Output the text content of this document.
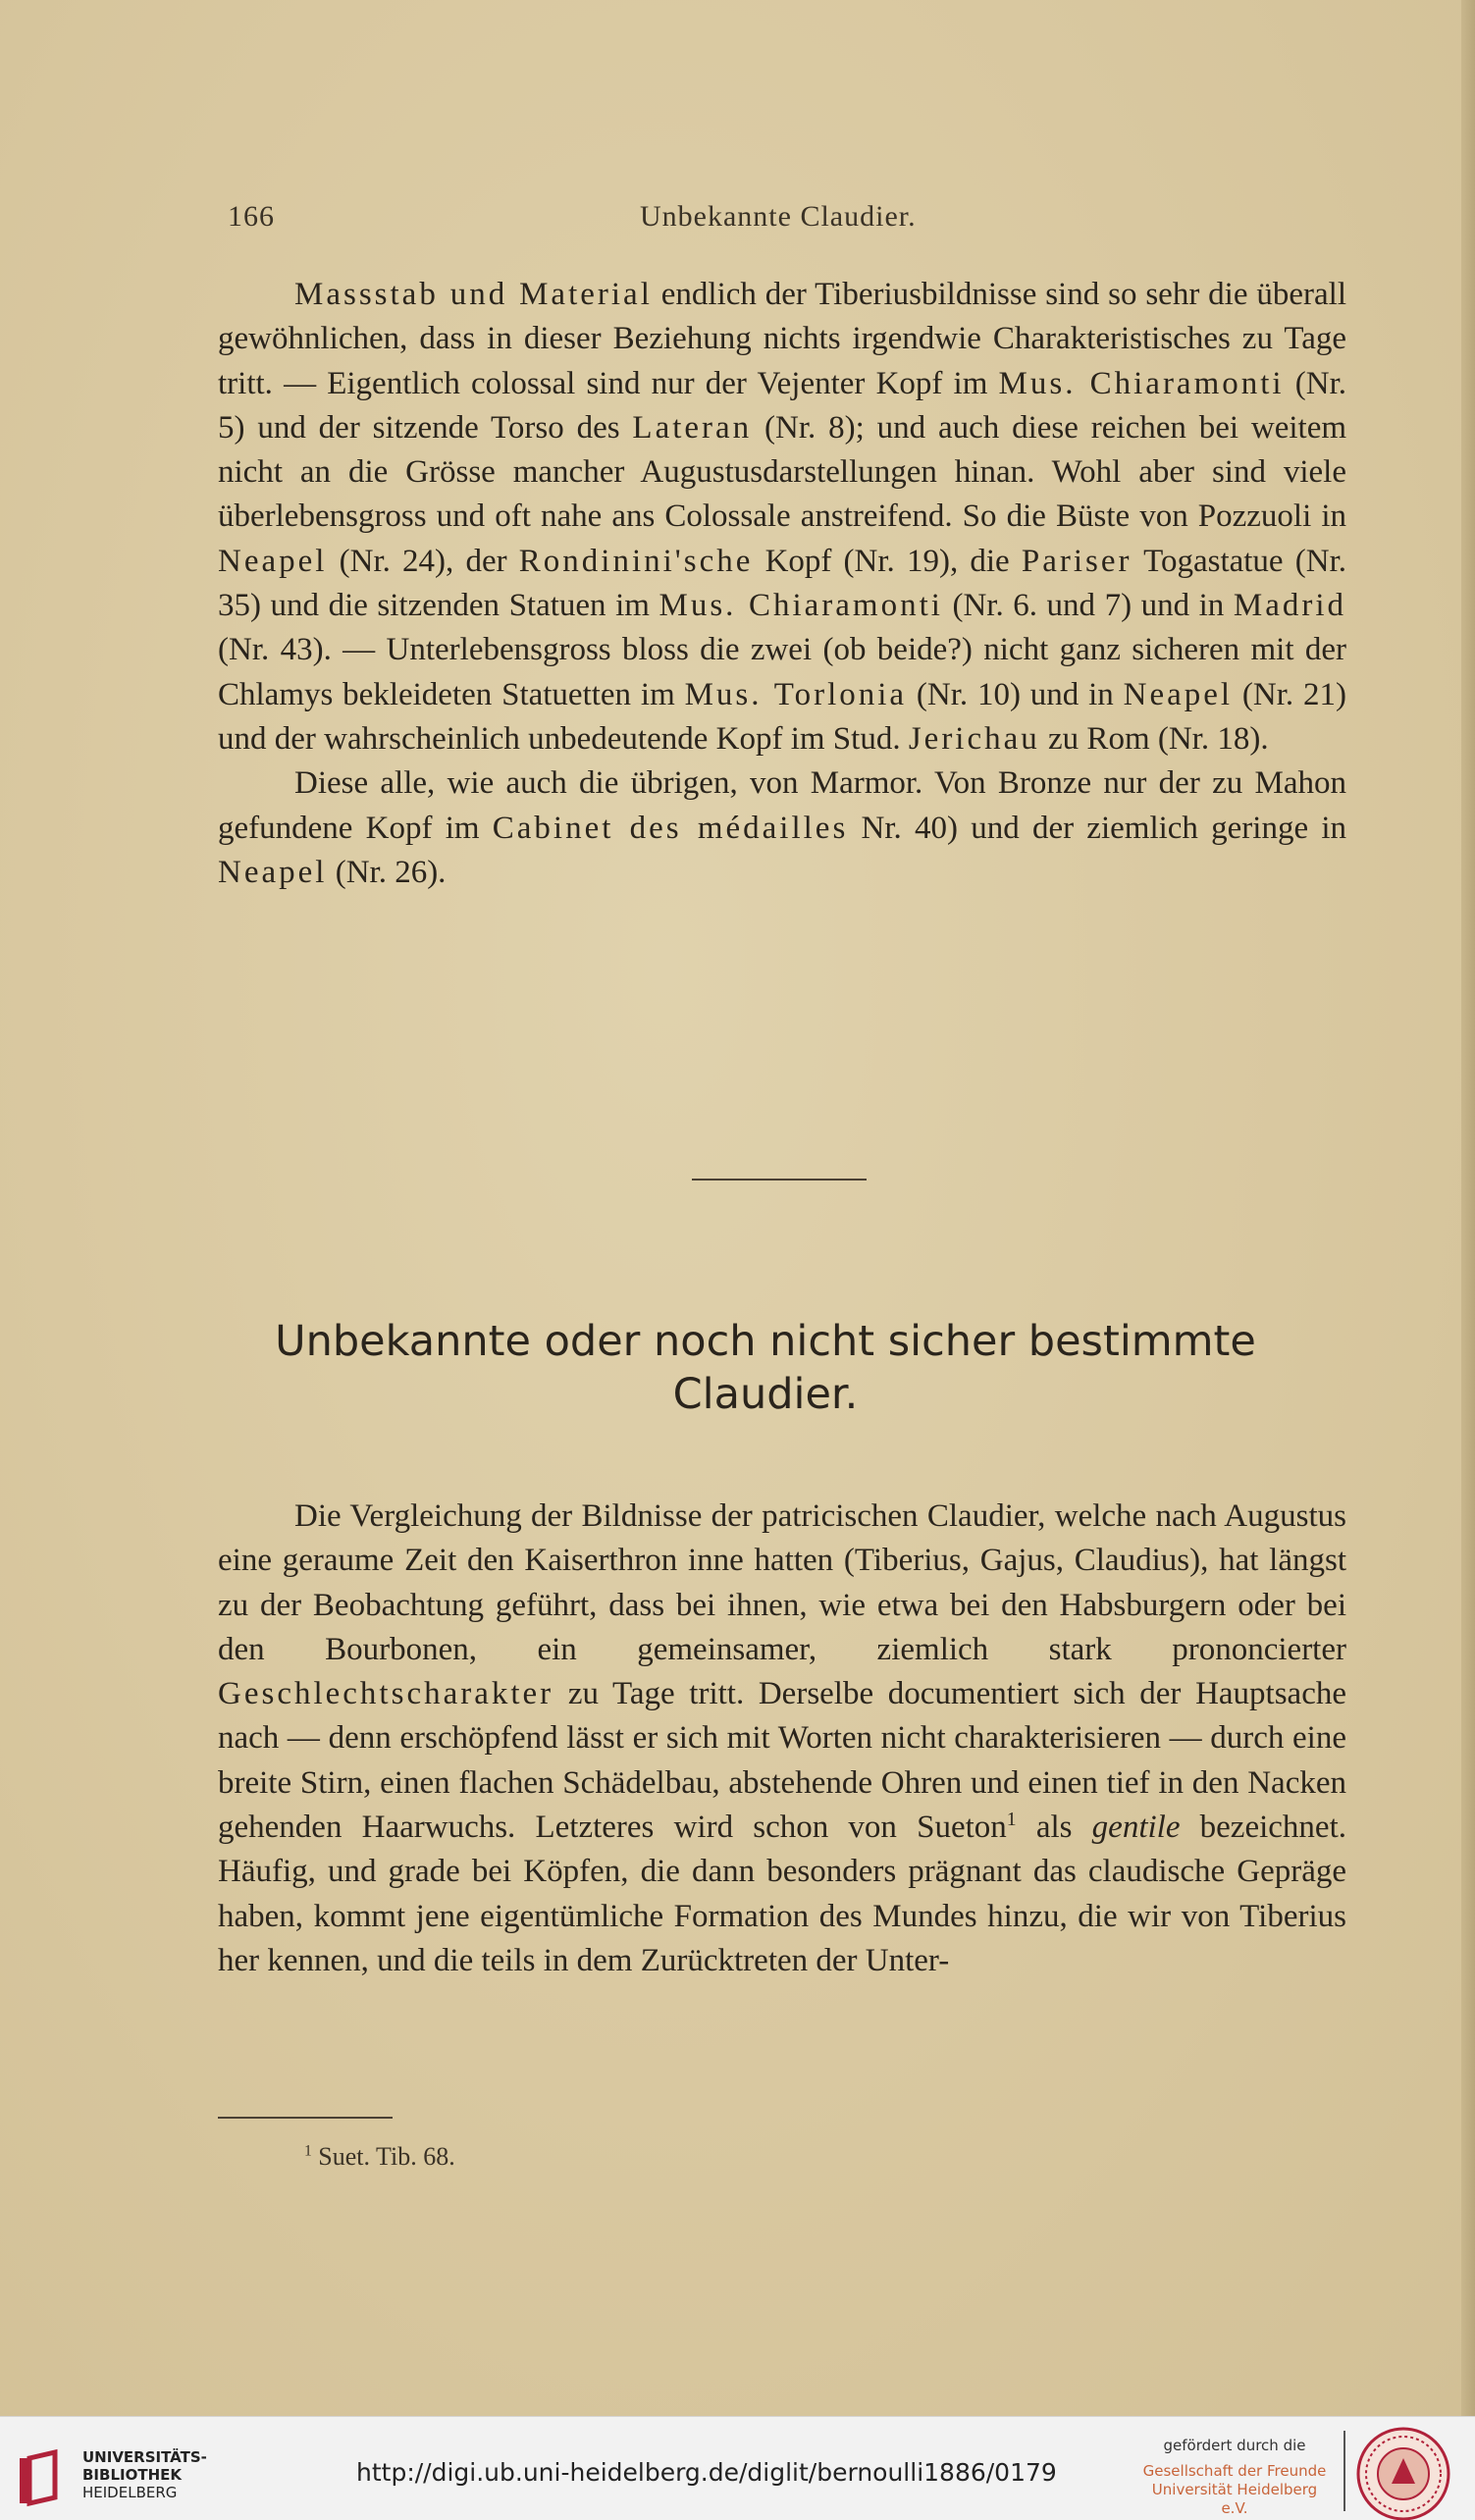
166	Unbekannte Claudier.

Massstab und Material endlich der Tiberiusbildnisse sind so sehr die überall gewöhnlichen, dass in dieser Beziehung nichts irgendwie Charakteristisches zu Tage tritt. — Eigentlich colossal sind nur der Vejenter Kopf im Mus. Chiaramonti (Nr. 5) und der sitzende Torso des Lateran (Nr. 8); und auch diese reichen bei weitem nicht an die Grösse mancher Augustusdarstellungen hinan. Wohl aber sind viele überlebensgross und oft nahe ans Colossale anstreifend. So die Büste von Pozzuoli in Neapel (Nr. 24), der Rondinini'sche Kopf (Nr. 19), die Pariser Togastatue (Nr. 35) und die sitzenden Statuen im Mus. Chiaramonti (Nr. 6. und 7) und in Madrid (Nr. 43). — Unterlebensgross bloss die zwei (ob beide?) nicht ganz sicheren mit der Chlamys bekleideten Statuetten im Mus. Torlonia (Nr. 10) und in Neapel (Nr. 21) und der wahrscheinlich unbedeutende Kopf im Stud. Jerichau zu Rom (Nr. 18).

Diese alle, wie auch die übrigen, von Marmor. Von Bronze nur der zu Mahon gefundene Kopf im Cabinet des médailles Nr. 40) und der ziemlich geringe in Neapel (Nr. 26).

Unbekannte oder noch nicht sicher bestimmte
Claudier.

Die Vergleichung der Bildnisse der patricischen Claudier, welche nach Augustus eine geraume Zeit den Kaiserthron inne hatten (Tiberius, Gajus, Claudius), hat längst zu der Beobachtung geführt, dass bei ihnen, wie etwa bei den Habsburgern oder bei den Bourbonen, ein gemeinsamer, ziemlich stark prononcierter Geschlechtscharakter zu Tage tritt. Derselbe documentiert sich der Hauptsache nach — denn erschöpfend lässt er sich mit Worten nicht charakterisieren — durch eine breite Stirn, einen flachen Schädelbau, abstehende Ohren und einen tief in den Nacken gehenden Haarwuchs. Letzteres wird schon von Sueton$^1$ als gentile bezeichnet. Häufig, und grade bei Köpfen, die dann besonders prägnant das claudische Gepräge haben, kommt jene eigentümliche Formation des Mundes hinzu, die wir von Tiberius her kennen, und die teils in dem Zurücktreten der Unter-

$^1$ Suet. Tib. 68.
UNIVERSITÄTS-
BIBLIOTHEK
HEIDELBERG
http://digi.ub.uni-heidelberg.de/diglit/bernoulli1886/0179
gefördert durch die
Gesellschaft der Freunde
Universität Heidelberg e.V.
